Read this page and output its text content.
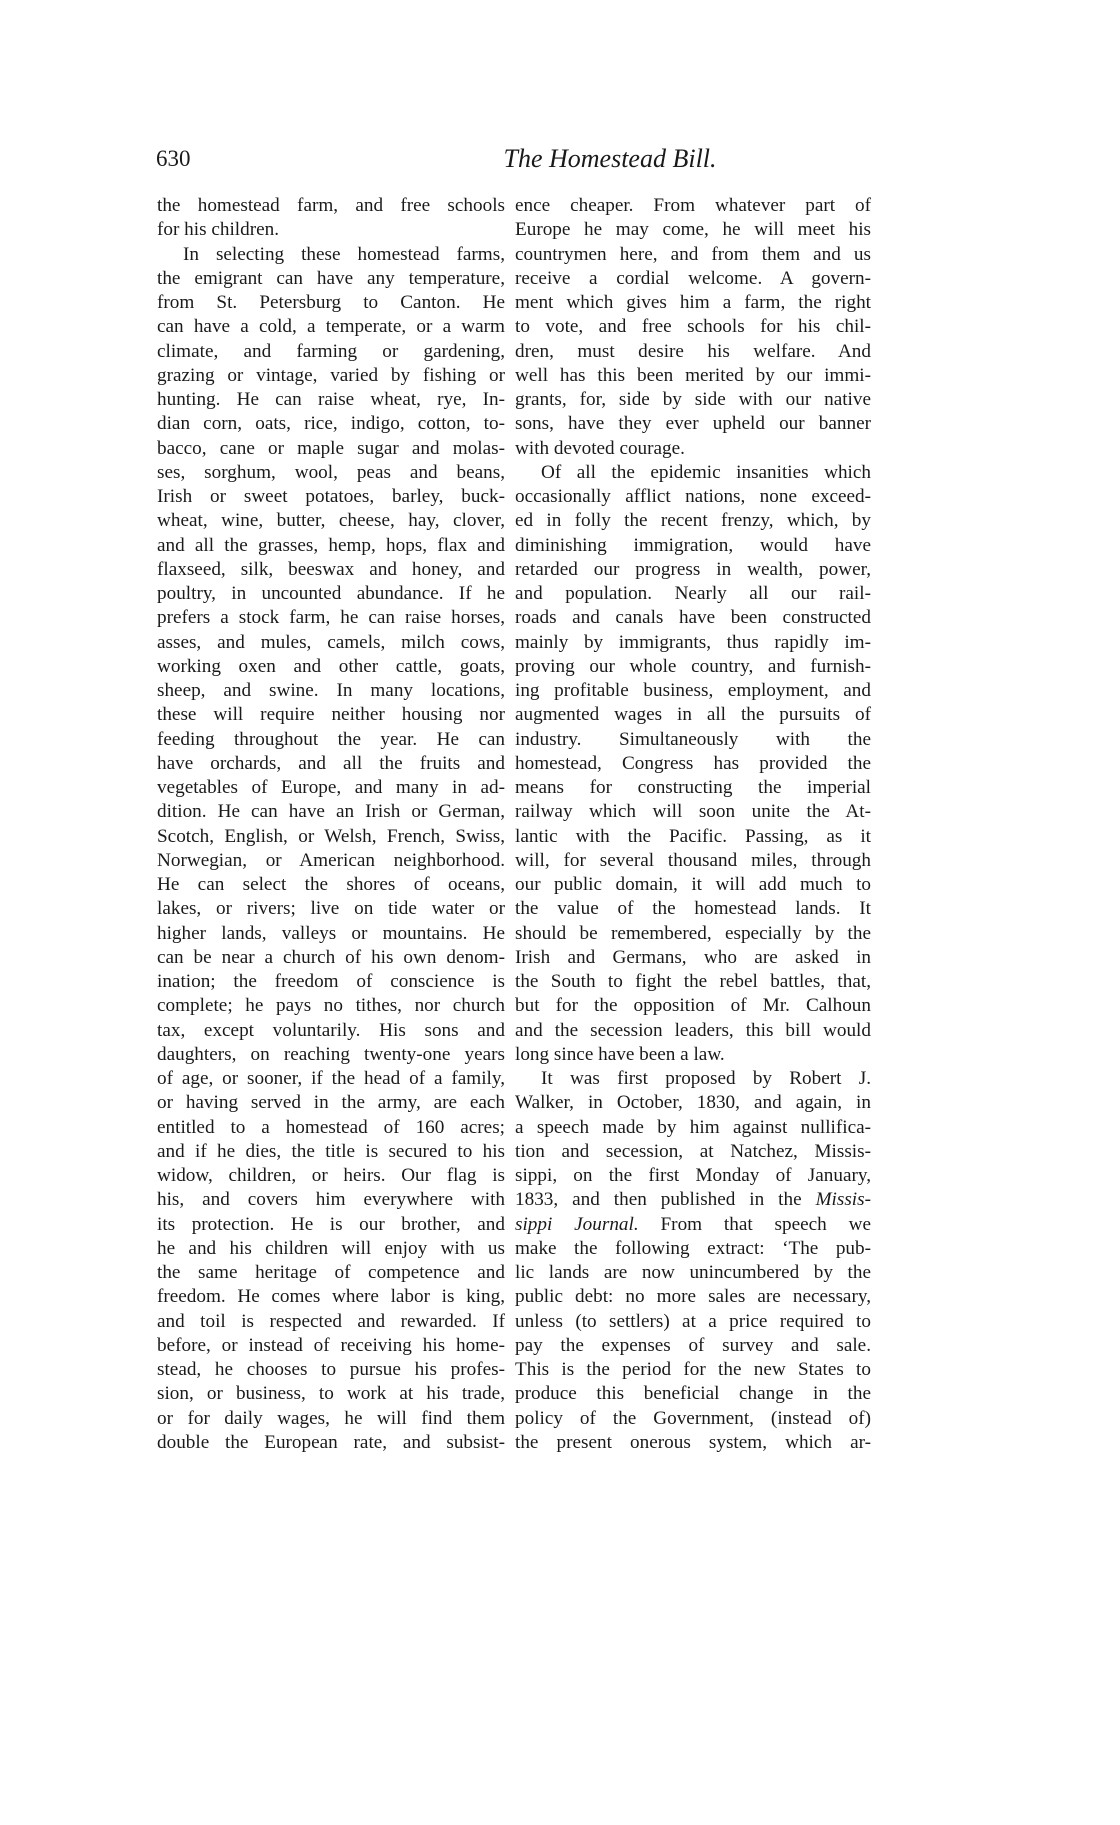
630	The Homestead Bill.
the homestead farm, and free schools
for his children.
In selecting these homestead farms,
the emigrant can have any temperature,
from St. Petersburg to Canton. He
can have a cold, a temperate, or a warm
climate, and farming or gardening,
grazing or vintage, varied by fishing or
hunting. He can raise wheat, rye, In-
dian corn, oats, rice, indigo, cotton, to-
bacco, cane or maple sugar and molas-
ses, sorghum, wool, peas and beans,
Irish or sweet potatoes, barley, buck-
wheat, wine, butter, cheese, hay, clover,
and all the grasses, hemp, hops, flax and
flaxseed, silk, beeswax and honey, and
poultry, in uncounted abundance. If he
prefers a stock farm, he can raise horses,
asses, and mules, camels, milch cows,
working oxen and other cattle, goats,
sheep, and swine. In many locations,
these will require neither housing nor
feeding throughout the year. He can
have orchards, and all the fruits and
vegetables of Europe, and many in ad-
dition. He can have an Irish or German,
Scotch, English, or Welsh, French, Swiss,
Norwegian, or American neighborhood.
He can select the shores of oceans,
lakes, or rivers; live on tide water or
higher lands, valleys or mountains. He
can be near a church of his own denom-
ination; the freedom of conscience is
complete; he pays no tithes, nor church
tax, except voluntarily. His sons and
daughters, on reaching twenty-one years
of age, or sooner, if the head of a family,
or having served in the army, are each
entitled to a homestead of 160 acres;
and if he dies, the title is secured to his
widow, children, or heirs. Our flag is
his, and covers him everywhere with
its protection. He is our brother, and
he and his children will enjoy with us
the same heritage of competence and
freedom. He comes where labor is king,
and toil is respected and rewarded. If
before, or instead of receiving his home-
stead, he chooses to pursue his profes-
sion, or business, to work at his trade,
or for daily wages, he will find them
double the European rate, and subsist-
ence cheaper. From whatever part of
Europe he may come, he will meet his
countrymen here, and from them and us
receive a cordial welcome. A govern-
ment which gives him a farm, the right
to vote, and free schools for his chil-
dren, must desire his welfare. And
well has this been merited by our immi-
grants, for, side by side with our native
sons, have they ever upheld our banner
with devoted courage.
Of all the epidemic insanities which
occasionally afflict nations, none exceed-
ed in folly the recent frenzy, which, by
diminishing immigration, would have
retarded our progress in wealth, power,
and population. Nearly all our rail-
roads and canals have been constructed
mainly by immigrants, thus rapidly im-
proving our whole country, and furnish-
ing profitable business, employment, and
augmented wages in all the pursuits of
industry. Simultaneously with the
homestead, Congress has provided the
means for constructing the imperial
railway which will soon unite the At-
lantic with the Pacific. Passing, as it
will, for several thousand miles, through
our public domain, it will add much to
the value of the homestead lands. It
should be remembered, especially by the
Irish and Germans, who are asked in
the South to fight the rebel battles, that,
but for the opposition of Mr. Calhoun
and the secession leaders, this bill would
long since have been a law.
It was first proposed by Robert J.
Walker, in October, 1830, and again, in
a speech made by him against nullifica-
tion and secession, at Natchez, Missis-
sippi, on the first Monday of January,
1833, and then published in the Missis-
sippi Journal. From that speech we
make the following extract: ‘The pub-
lic lands are now unincumbered by the
public debt: no more sales are necessary,
unless (to settlers) at a price required to
pay the expenses of survey and sale.
This is the period for the new States to
produce this beneficial change in the
policy of the Government, (instead of)
the present onerous system, which ar-
